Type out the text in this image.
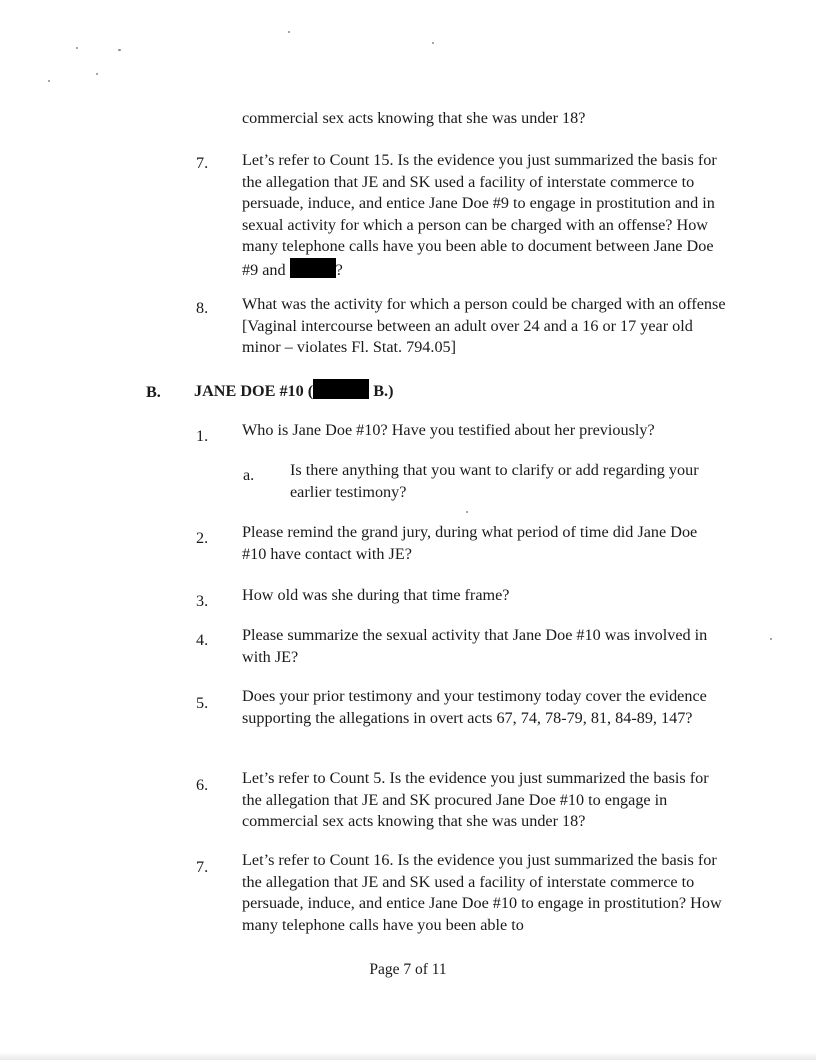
commercial sex acts knowing that she was under 18?
7. Let’s refer to Count 15. Is the evidence you just summarized the basis for the allegation that JE and SK used a facility of interstate commerce to persuade, induce, and entice Jane Doe #9 to engage in prostitution and in sexual activity for which a person can be charged with an offense? How many telephone calls have you been able to document between Jane Doe #9 and	?
8. What was the activity for which a person could be charged with an offense [Vaginal intercourse between an adult over 24 and a 16 or 17 year old minor – violates Fl. Stat. 794.05]
B. JANE DOE #10 (	B.)
1. Who is Jane Doe #10? Have you testified about her previously?
a. Is there anything that you want to clarify or add regarding your earlier testimony?
2. Please remind the grand jury, during what period of time did Jane Doe #10 have contact with JE?
3. How old was she during that time frame?
4. Please summarize the sexual activity that Jane Doe #10 was involved in with JE?
5. Does your prior testimony and your testimony today cover the evidence supporting the allegations in overt acts 67, 74, 78-79, 81, 84-89, 147?
6. Let’s refer to Count 5. Is the evidence you just summarized the basis for the allegation that JE and SK procured Jane Doe #10 to engage in commercial sex acts knowing that she was under 18?
7. Let’s refer to Count 16. Is the evidence you just summarized the basis for the allegation that JE and SK used a facility of interstate commerce to persuade, induce, and entice Jane Doe #10 to engage in prostitution? How many telephone calls have you been able to
Page 7 of 11
